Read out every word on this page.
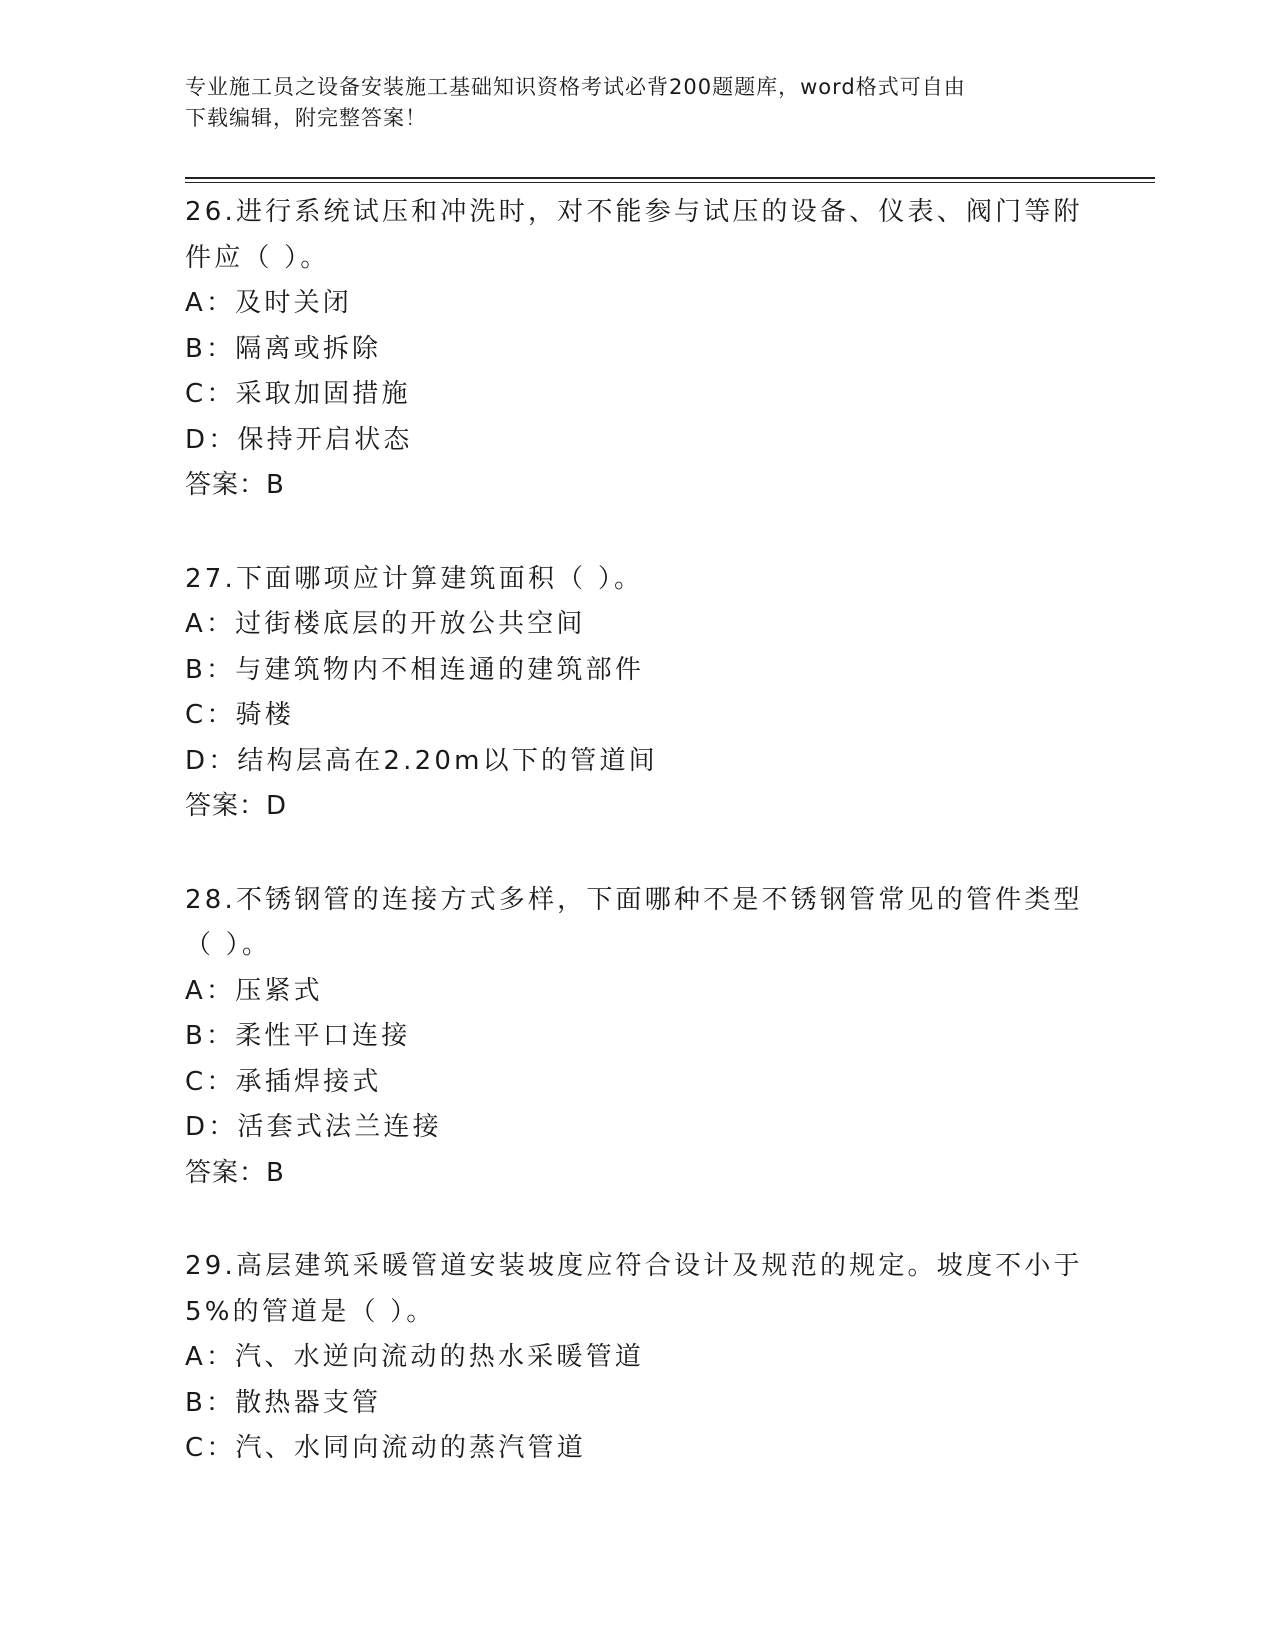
专业施工员之设备安装施工基础知识资格考试必背200题题库，word格式可自由
下载编辑，附完整答案！
26.进行系统试压和冲洗时，对不能参与试压的设备、仪表、阀门等附
件应（ ）。
A：及时关闭
B：隔离或拆除
C：采取加固措施
D：保持开启状态
答案：B
27.下面哪项应计算建筑面积（ ）。
A：过街楼底层的开放公共空间
B：与建筑物内不相连通的建筑部件
C：骑楼
D：结构层高在2.20m以下的管道间
答案：D
28.不锈钢管的连接方式多样，下面哪种不是不锈钢管常见的管件类型
（ ）。
A：压紧式
B：柔性平口连接
C：承插焊接式
D：活套式法兰连接
答案：B
29.高层建筑采暖管道安装坡度应符合设计及规范的规定。坡度不小于
5%的管道是（ ）。
A：汽、水逆向流动的热水采暖管道
B：散热器支管
C：汽、水同向流动的蒸汽管道
